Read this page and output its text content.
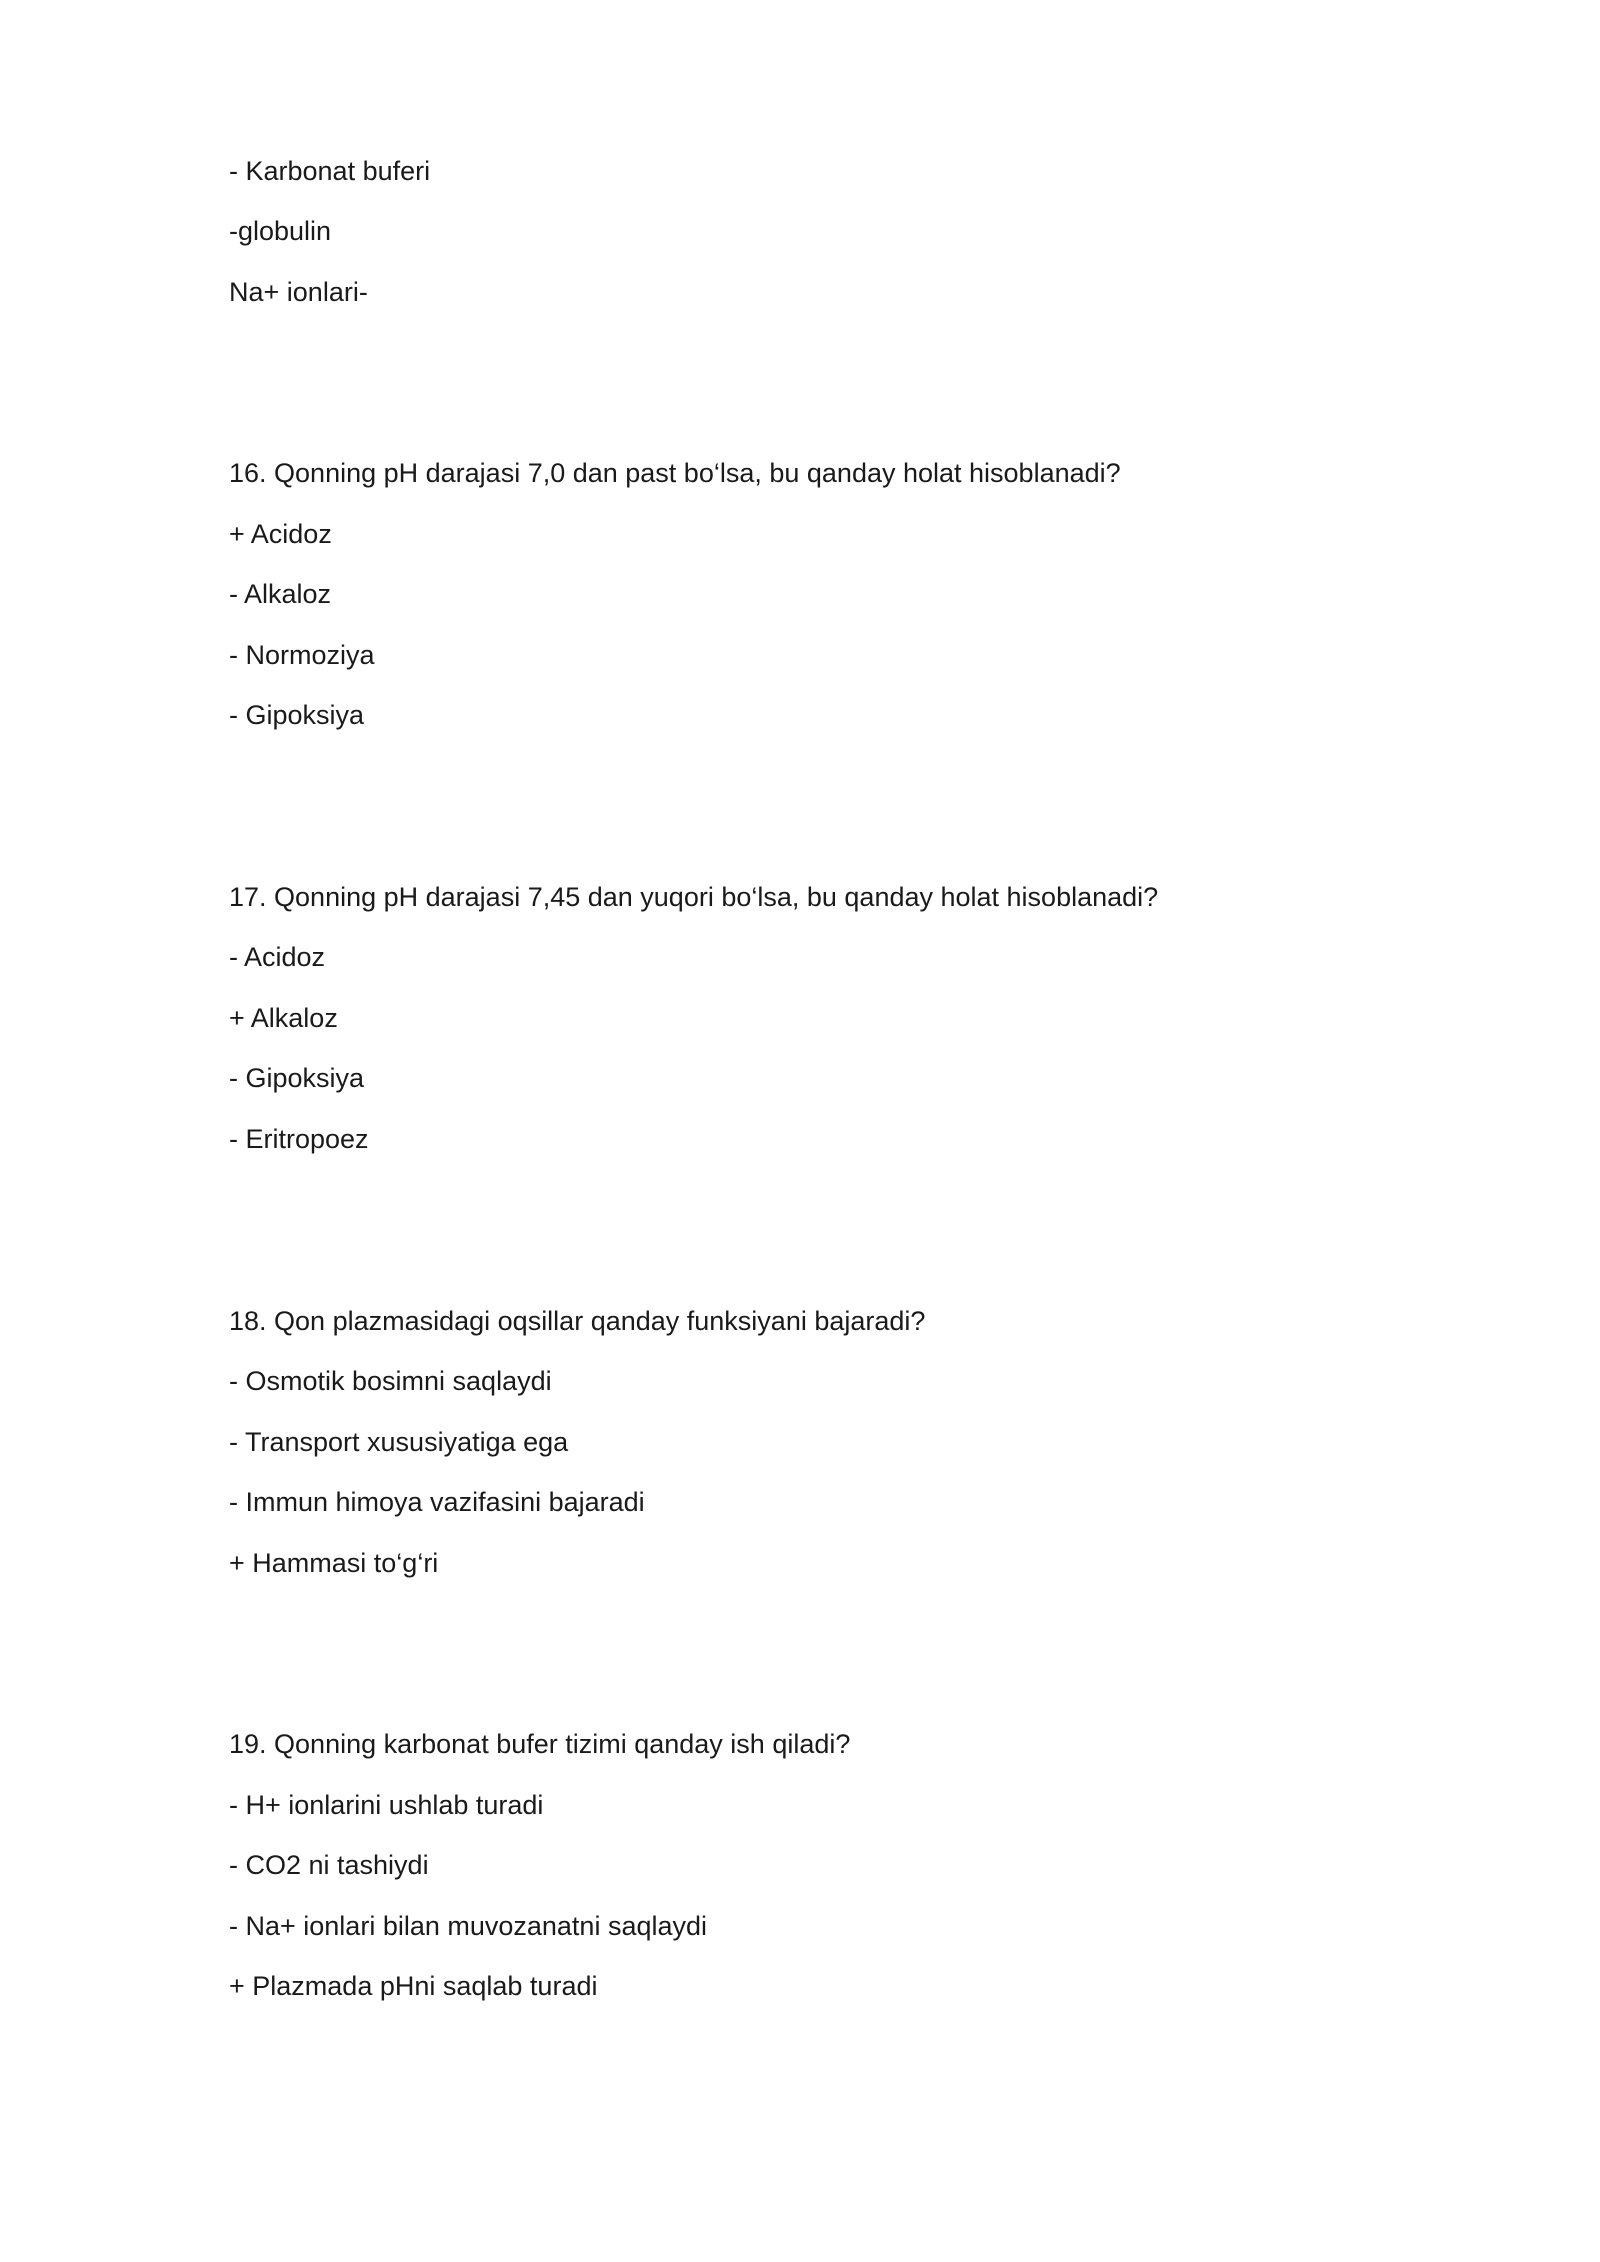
- Karbonat buferi

-globulin

Na+ ionlari-

16. Qonning pH darajasi 7,0 dan past bo‘lsa, bu qanday holat hisoblanadi?

+ Acidoz

- Alkaloz

- Normoziya

- Gipoksiya

17. Qonning pH darajasi 7,45 dan yuqori bo‘lsa, bu qanday holat hisoblanadi?

- Acidoz

+ Alkaloz

- Gipoksiya

- Eritropoez

18. Qon plazmasidagi oqsillar qanday funksiyani bajaradi?

- Osmotik bosimni saqlaydi

- Transport xususiyatiga ega

- Immun himoya vazifasini bajaradi

+ Hammasi to‘g‘ri

19. Qonning karbonat bufer tizimi qanday ish qiladi?

- H+ ionlarini ushlab turadi

- CO2 ni tashiydi

- Na+ ionlari bilan muvozanatni saqlaydi

+ Plazmada pHni saqlab turadi
